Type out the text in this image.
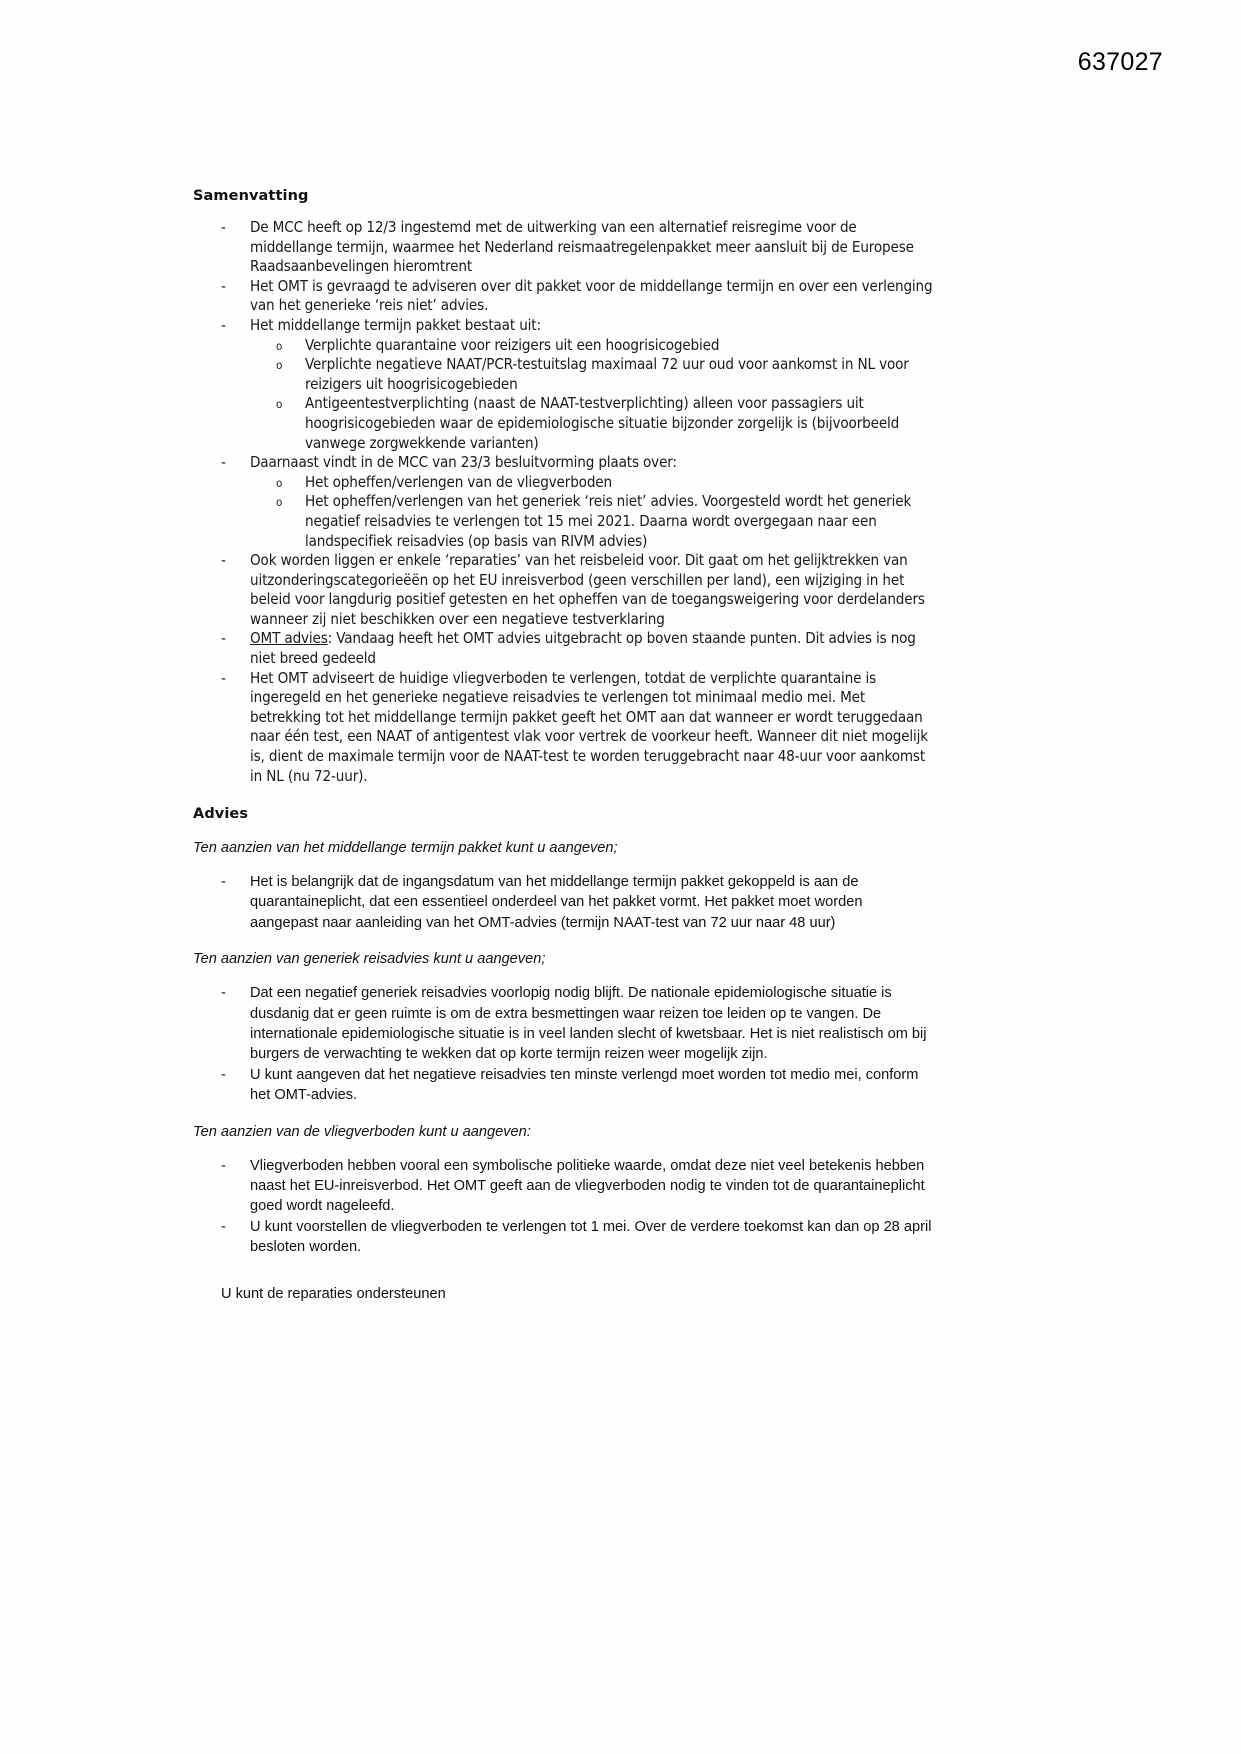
637027
Samenvatting
- De MCC heeft op 12/3 ingestemd met de uitwerking van een alternatief reisregime voor de middellange termijn, waarmee het Nederland reismaatregelenpakket meer aansluit bij de Europese Raadsaanbevelingen hieromtrent
- Het OMT is gevraagd te adviseren over dit pakket voor de middellange termijn en over een verlenging van het generieke ‘reis niet’ advies.
- Het middellange termijn pakket bestaat uit:
o Verplichte quarantaine voor reizigers uit een hoogrisicogebied
o Verplichte negatieve NAAT/PCR-testuitslag maximaal 72 uur oud voor aankomst in NL voor reizigers uit hoogrisicogebieden
o Antigeentestverplichting (naast de NAAT-testverplichting) alleen voor passagiers uit hoogrisicogebieden waar de epidemiologische situatie bijzonder zorgelijk is (bijvoorbeeld vanwege zorgwekkende varianten)
- Daarnaast vindt in de MCC van 23/3 besluitvorming plaats over:
o Het opheffen/verlengen van de vliegverboden
o Het opheffen/verlengen van het generiek ‘reis niet’ advies. Voorgesteld wordt het generiek negatief reisadvies te verlengen tot 15 mei 2021. Daarna wordt overgegaan naar een landspecifiek reisadvies (op basis van RIVM advies)
- Ook worden liggen er enkele ‘reparaties’ van het reisbeleid voor. Dit gaat om het gelijktrekken van uitzonderingscategorieëën op het EU inreisverbod (geen verschillen per land), een wijziging in het beleid voor langdurig positief getesten en het opheffen van de toegangsweigering voor derdelanders wanneer zij niet beschikken over een negatieve testverklaring
- OMT advies: Vandaag heeft het OMT advies uitgebracht op boven staande punten. Dit advies is nog niet breed gedeeld
- Het OMT adviseert de huidige vliegverboden te verlengen, totdat de verplichte quarantaine is ingeregeld en het generieke negatieve reisadvies te verlengen tot minimaal medio mei. Met betrekking tot het middellange termijn pakket geeft het OMT aan dat wanneer er wordt teruggedaan naar één test, een NAAT of antigentest vlak voor vertrek de voorkeur heeft. Wanneer dit niet mogelijk is, dient de maximale termijn voor de NAAT-test te worden teruggebracht naar 48-uur voor aankomst in NL (nu 72-uur).
Advies
Ten aanzien van het middellange termijn pakket kunt u aangeven;
- Het is belangrijk dat de ingangsdatum van het middellange termijn pakket gekoppeld is aan de quarantaineplicht, dat een essentieel onderdeel van het pakket vormt. Het pakket moet worden aangepast naar aanleiding van het OMT-advies (termijn NAAT-test van 72 uur naar 48 uur)
Ten aanzien van generiek reisadvies kunt u aangeven;
- Dat een negatief generiek reisadvies voorlopig nodig blijft. De nationale epidemiologische situatie is dusdanig dat er geen ruimte is om de extra besmettingen waar reizen toe leiden op te vangen. De internationale epidemiologische situatie is in veel landen slecht of kwetsbaar. Het is niet realistisch om bij burgers de verwachting te wekken dat op korte termijn reizen weer mogelijk zijn.
- U kunt aangeven dat het negatieve reisadvies ten minste verlengd moet worden tot medio mei, conform het OMT-advies.
Ten aanzien van de vliegverboden kunt u aangeven:
- Vliegverboden hebben vooral een symbolische politieke waarde, omdat deze niet veel betekenis hebben naast het EU-inreisverbod. Het OMT geeft aan de vliegverboden nodig te vinden tot de quarantaineplicht goed wordt nageleefd.
- U kunt voorstellen de vliegverboden te verlengen tot 1 mei. Over de verdere toekomst kan dan op 28 april besloten worden.
U kunt de reparaties ondersteunen
